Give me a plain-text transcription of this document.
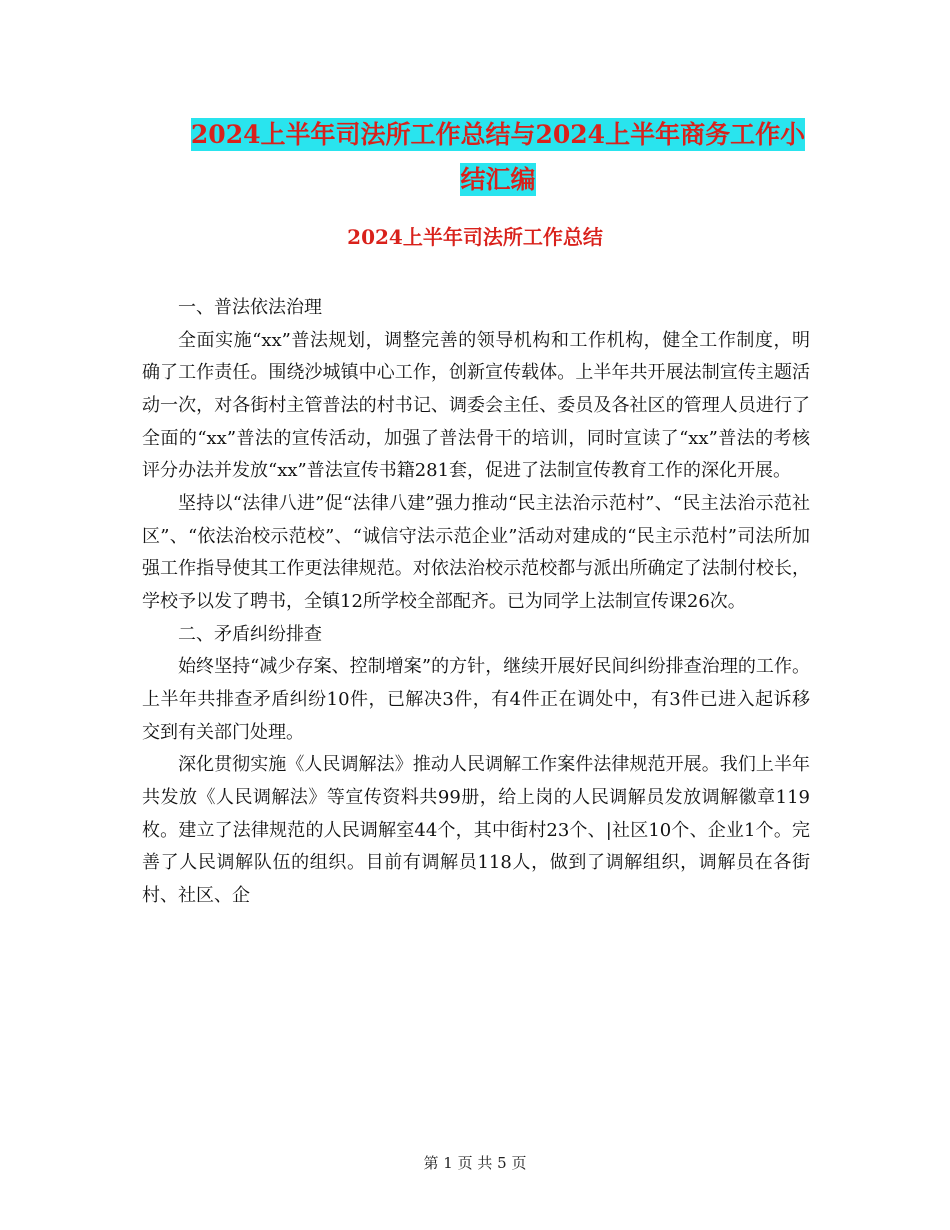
2024上半年司法所工作总结与2024上半年商务工作小结汇编
2024上半年司法所工作总结

一、普法依法治理

全面实施“xx”普法规划，调整完善的领导机构和工作机构，健全工作制度，明确了工作责任。围绕沙城镇中心工作，创新宣传载体。上半年共开展法制宣传主题活动一次，对各街村主管普法的村书记、调委会主任、委员及各社区的管理人员进行了全面的“xx”普法的宣传活动，加强了普法骨干的培训，同时宣读了“xx”普法的考核评分办法并发放“xx”普法宣传书籍281套，促进了法制宣传教育工作的深化开展。

坚持以“法律八进”促“法律八建”强力推动“民主法治示范村”、“民主法治示范社区”、“依法治校示范校”、“诚信守法示范企业”活动对建成的“民主示范村”司法所加强工作指导使其工作更法律规范。对依法治校示范校都与派出所确定了法制付校长，学校予以发了聘书，全镇12所学校全部配齐。已为同学上法制宣传课26次。

二、矛盾纠纷排查

始终坚持“减少存案、控制增案”的方针，继续开展好民间纠纷排查治理的工作。上半年共排查矛盾纠纷10件，已解决3件，有4件正在调处中，有3件已进入起诉移交到有关部门处理。

深化贯彻实施《人民调解法》推动人民调解工作案件法律规范开展。我们上半年共发放《人民调解法》等宣传资料共99册，给上岗的人民调解员发放调解徽章119枚。建立了法律规范的人民调解室44个，其中街村23个、|社区10个、企业1个。完善了人民调解队伍的组织。目前有调解员118人，做到了调解组织，调解员在各街村、社区、企

第 1 页 共 5 页
